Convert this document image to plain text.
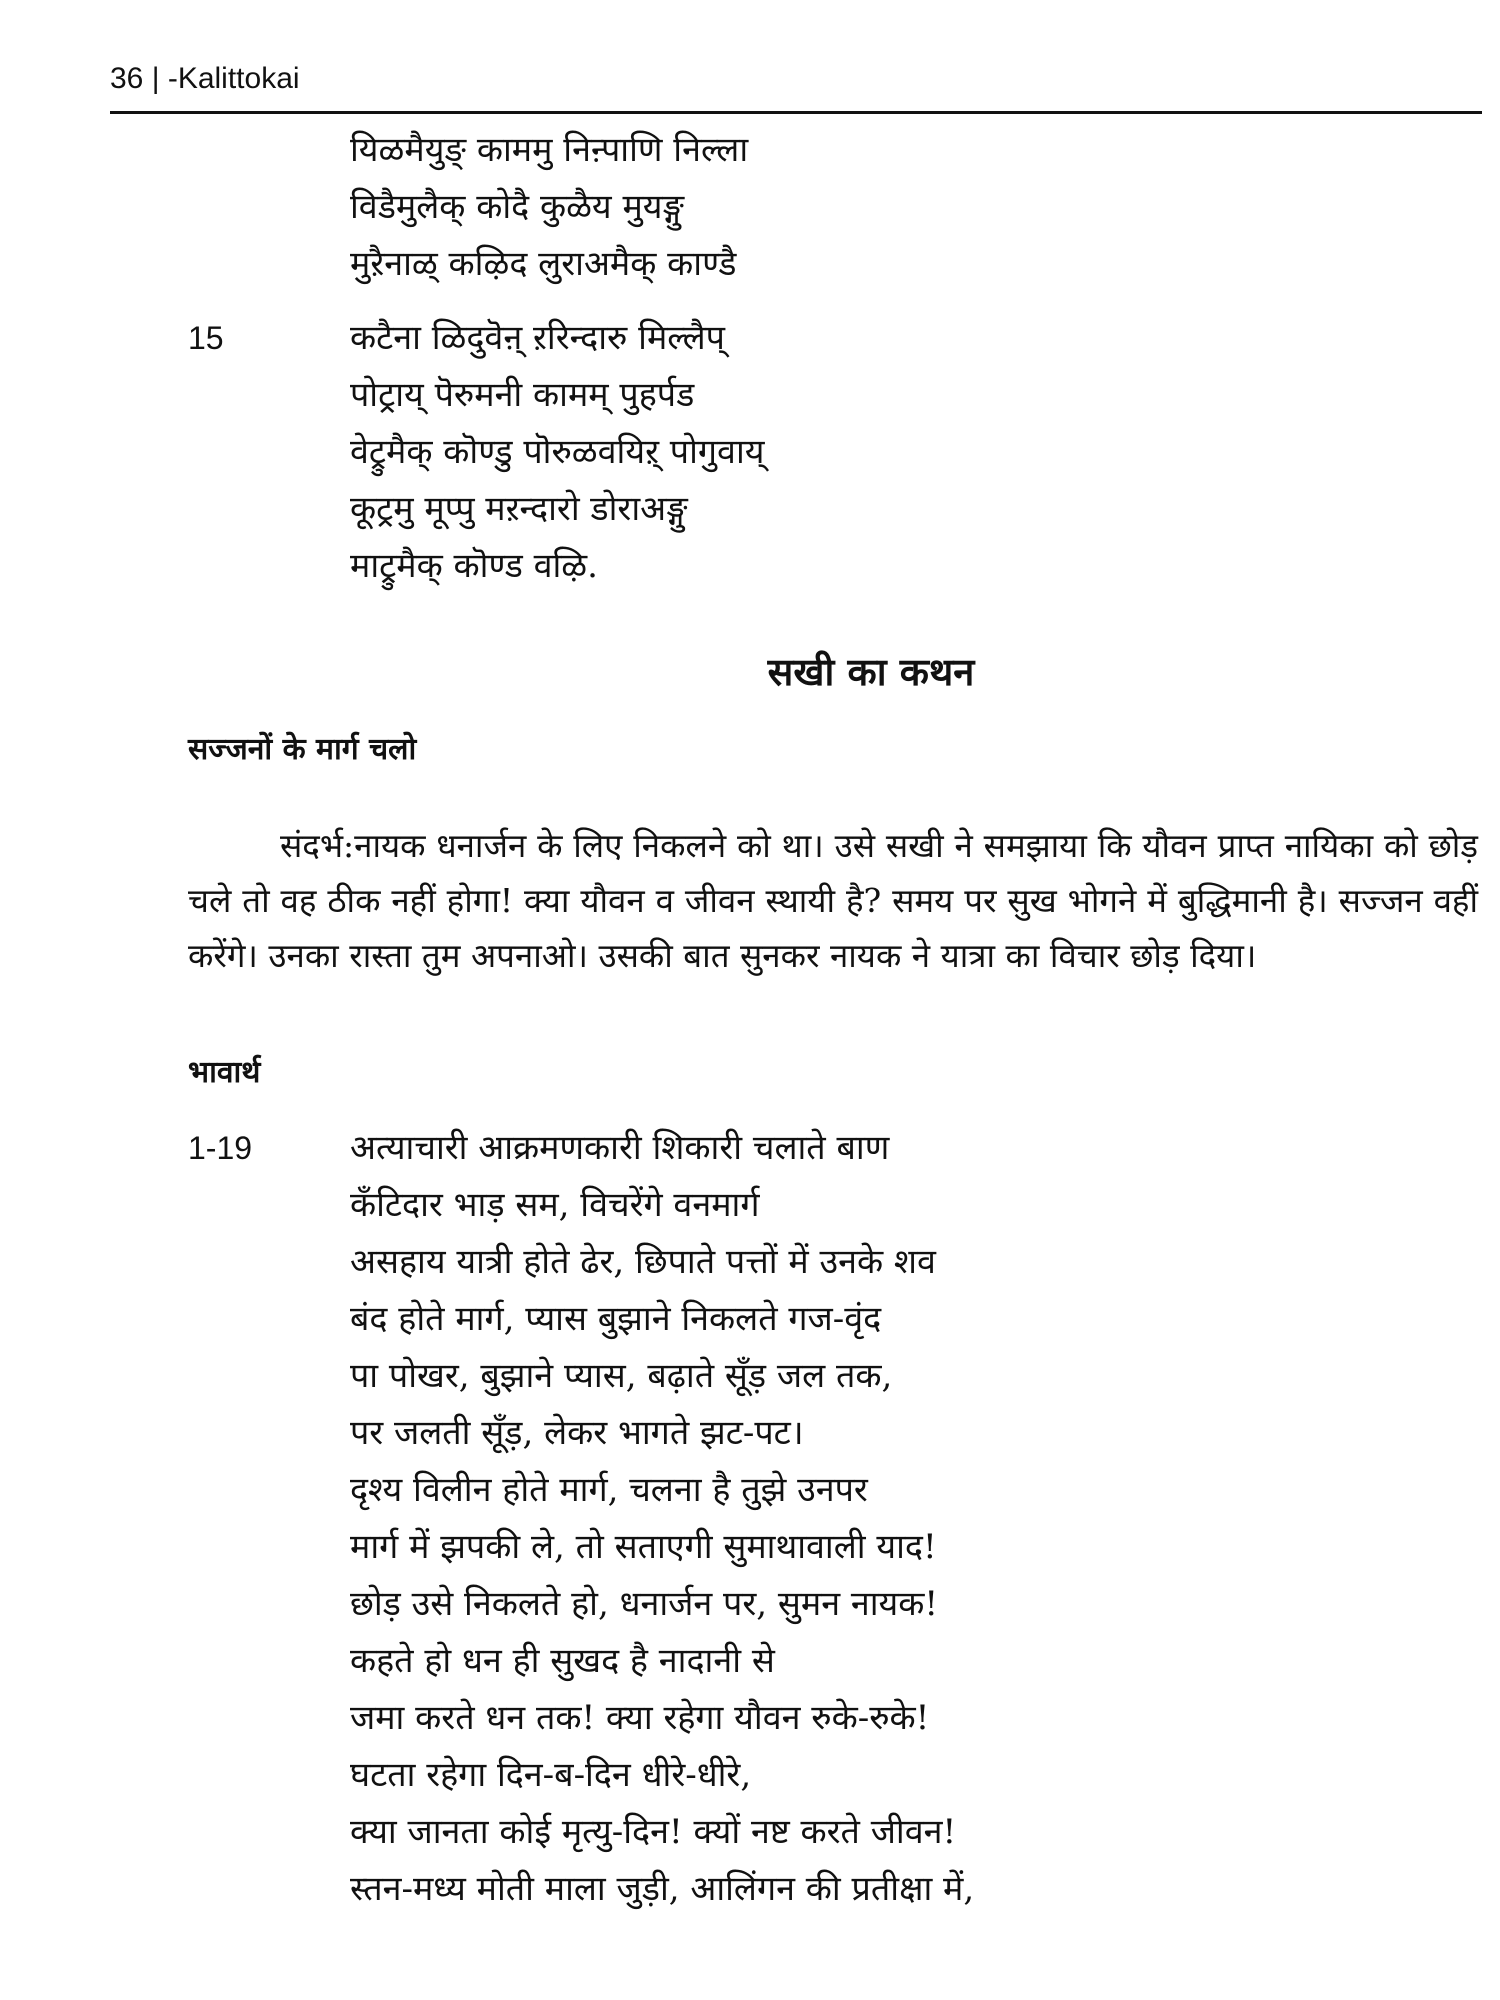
36 | -Kalittokai
यिळमैयुङ् काममु निऩ्पाणि निल्ला
विडैमुलैक् कोदै कुळैय मुयङ्गु
मुऱैनाळ् कऴिद लुराअमैक् काण्डै
15	कटैना ळिदुवॆऩ् ऱरिन्दारु मिल्लैप्
पोट्राय् पॆरुमनी कामम् पुहर्पड
वेट्रुमैक् कॊण्डु पॊरुळवयिऱ् पोगुवाय्
कूट्रमु मूप्पु मऱन्दारो डोराअङ्गु
माट्रुमैक् कॊण्ड वऴि.
सखी का कथन
सज्जनों के मार्ग चलो

संदर्भ:नायक धनार्जन के लिए निकलने को था। उसे सखी ने समझाया कि यौवन प्राप्त नायिका को छोड़ चले तो वह ठीक नहीं होगा! क्या यौवन व जीवन स्थायी है? समय पर सुख भोगने में बुद्धिमानी है। सज्जन वहीं करेंगे। उनका रास्ता तुम अपनाओ। उसकी बात सुनकर नायक ने यात्रा का विचार छोड़ दिया।

भावार्थ
1-19	अत्याचारी आक्रमणकारी शिकारी चलाते बाण
कँटिदार भाड़ सम, विचरेंगे वनमार्ग
असहाय यात्री होते ढेर, छिपाते पत्तों में उनके शव
बंद होते मार्ग, प्यास बुझाने निकलते गज-वृंद
पा पोखर, बुझाने प्यास, बढ़ाते सूँड़ जल तक,
पर जलती सूँड़, लेकर भागते झट-पट।
दृश्य विलीन होते मार्ग, चलना है तुझे उनपर
मार्ग में झपकी ले, तो सताएगी सुमाथावाली याद!
छोड़ उसे निकलते हो, धनार्जन पर, सुमन नायक!
कहते हो धन ही सुखद है नादानी से
जमा करते धन तक! क्या रहेगा यौवन रुके-रुके!
घटता रहेगा दिन-ब-दिन धीरे-धीरे,
क्या जानता कोई मृत्यु-दिन! क्यों नष्ट करते जीवन!
स्तन-मध्य मोती माला जुड़ी, आलिंगन की प्रतीक्षा में,
